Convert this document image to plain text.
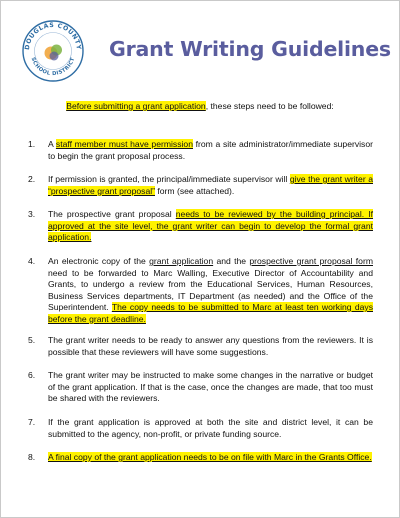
DOUGLAS COUNTY
SCHOOL DISTRICT Grant Writing Guidelines

Before submitting a grant application, these steps need to be followed:

1. A staff member must have permission from a site administrator/immediate supervisor to begin the grant proposal process.

2. If permission is granted, the principal/immediate supervisor will give the grant writer a “prospective grant proposal” form (see attached).

3. The prospective grant proposal needs to be reviewed by the building principal. If approved at the site level, the grant writer can begin to develop the formal grant application.

4. An electronic copy of the grant application and the prospective grant proposal form need to be forwarded to Marc Walling, Executive Director of Accountability and Grants, to undergo a review from the Educational Services, Human Resources, Business Services departments, IT Department (as needed) and the Office of the Superintendent. The copy needs to be submitted to Marc at least ten working days before the grant deadline.

5. The grant writer needs to be ready to answer any questions from the reviewers. It is possible that these reviewers will have some suggestions.

6. The grant writer may be instructed to make some changes in the narrative or budget of the grant application. If that is the case, once the changes are made, that too must be shared with the reviewers.

7. If the grant application is approved at both the site and district level, it can be submitted to the agency, non-profit, or private funding source.

8. A final copy of the grant application needs to be on file with Marc in the Grants Office.
